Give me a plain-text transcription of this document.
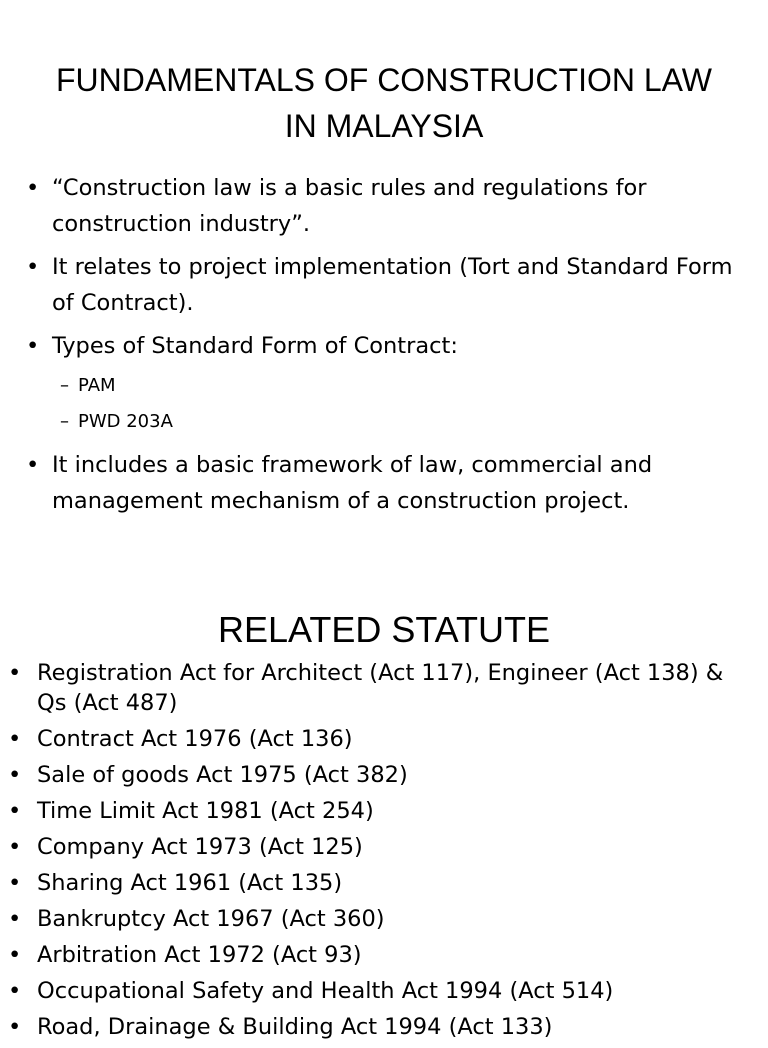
FUNDAMENTALS OF CONSTRUCTION LAW
IN MALAYSIA
• “Construction law is a basic rules and regulations for construction industry”.
• It relates to project implementation (Tort and Standard Form of Contract).
• Types of Standard Form of Contract:
– PAM
– PWD 203A
• It includes a basic framework of law, commercial and management mechanism of a construction project.
RELATED STATUTE
• Registration Act for Architect (Act 117), Engineer (Act 138) & Qs (Act 487)
• Contract Act 1976 (Act 136)
• Sale of goods Act 1975 (Act 382)
• Time Limit Act 1981 (Act 254)
• Company Act 1973 (Act 125)
• Sharing Act 1961 (Act 135)
• Bankruptcy Act 1967 (Act 360)
• Arbitration Act 1972 (Act 93)
• Occupational Safety and Health Act 1994 (Act 514)
• Road, Drainage & Building Act 1994 (Act 133)
